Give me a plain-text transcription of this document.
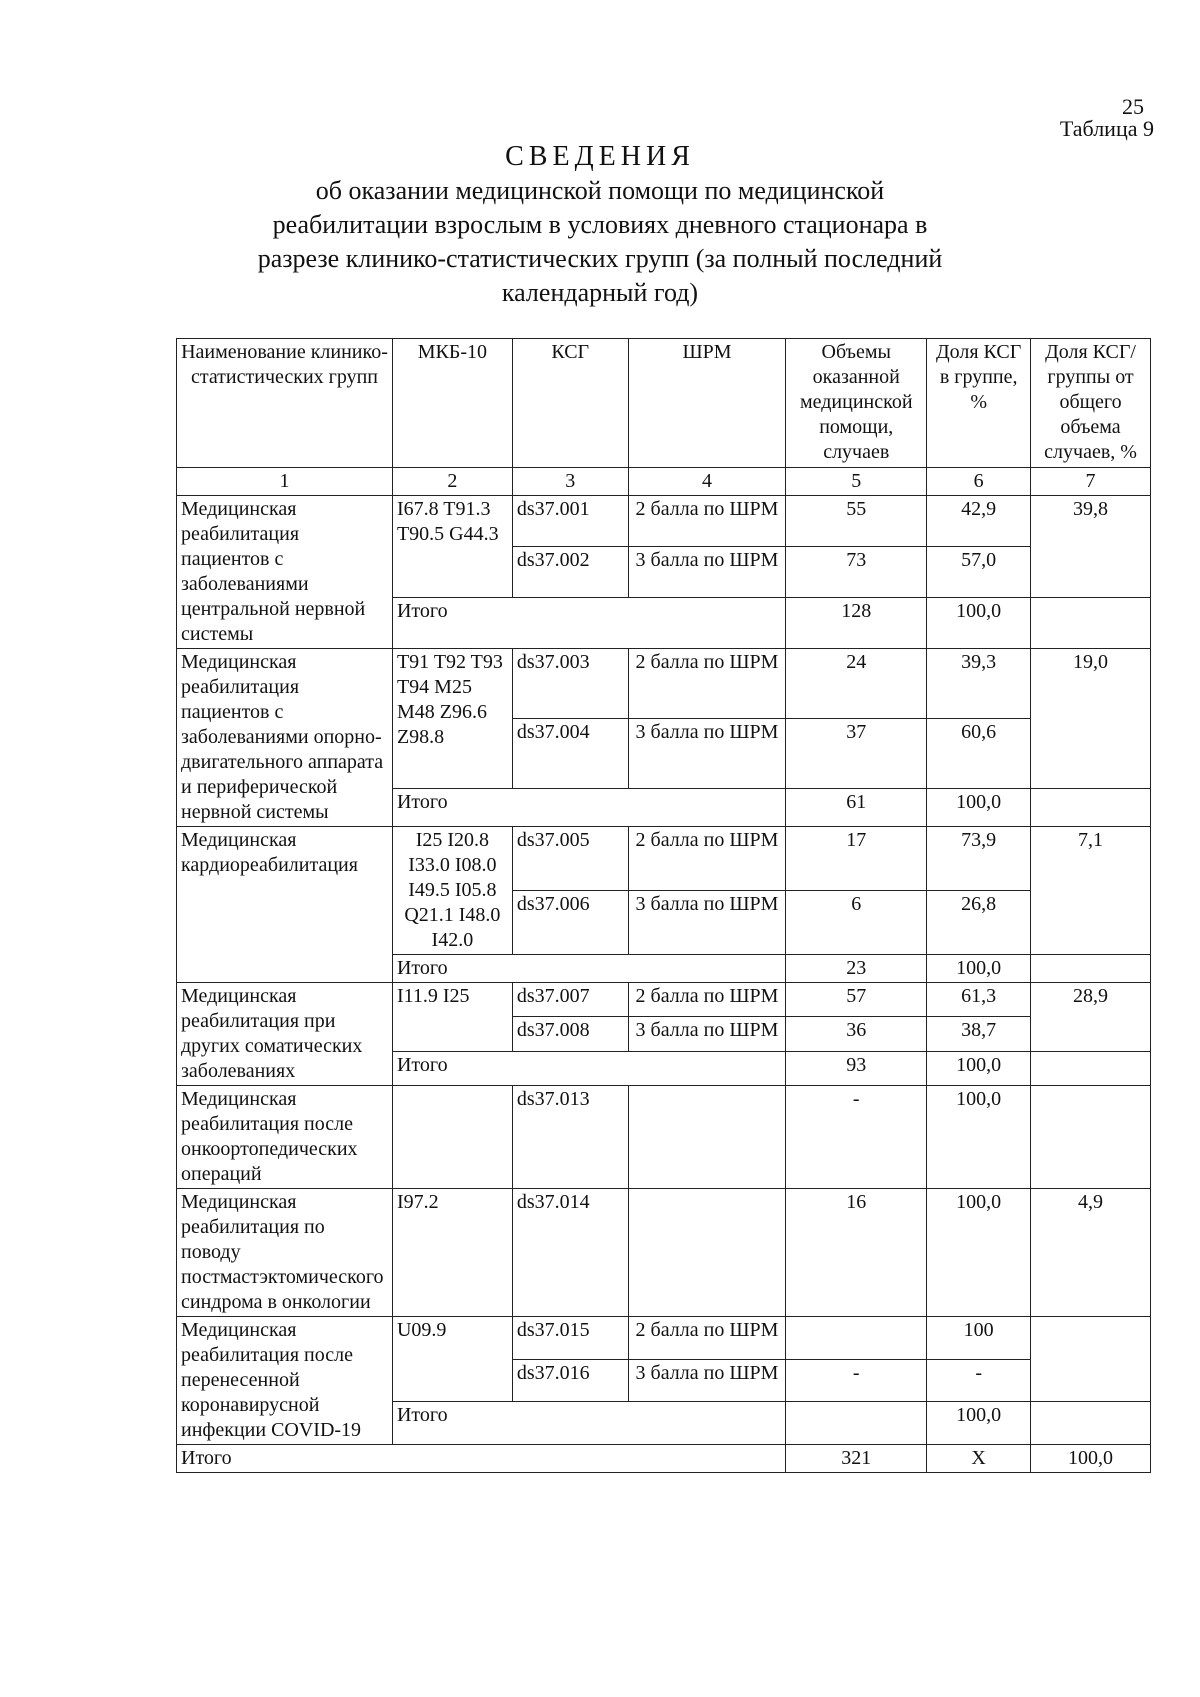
25
Таблица 9
СВЕДЕНИЯ
об оказании медицинской помощи по медицинской реабилитации взрослым в условиях дневного стационара в разрезе клинико-статистических групп (за полный последний календарный год)
Наименование клинико-статистических групп	МКБ-10	КСГ	ШРМ	Объемы оказанной медицинской помощи, случаев	Доля КСГ в группе, %	Доля КСГ/группы от общего объема случаев, %
1	2	3	4	5	6	7
Медицинская реабилитация пациентов с заболеваниями центральной нервной системы	I67.8 T91.3 T90.5 G44.3	ds37.001	2 балла по ШРМ	55	42,9	39,8
		ds37.002	3 балла по ШРМ	73	57,0	
	Итого			128	100,0	
Медицинская реабилитация пациентов с заболеваниями опорно-двигательного аппарата и периферической нервной системы	T91 T92 T93 T94 M25 M48 Z96.6 Z98.8	ds37.003	2 балла по ШРМ	24	39,3	19,0
		ds37.004	3 балла по ШРМ	37	60,6	
	Итого			61	100,0	
Медицинская кардиореабилитация	I25 I20.8 I33.0 I08.0 I49.5 I05.8 Q21.1 I48.0 I42.0	ds37.005	2 балла по ШРМ	17	73,9	7,1
		ds37.006	3 балла по ШРМ	6	26,8	
	Итого			23	100,0	
Медицинская реабилитация при других соматических заболеваниях	I11.9 I25	ds37.007	2 балла по ШРМ	57	61,3	28,9
		ds37.008	3 балла по ШРМ	36	38,7	
	Итого			93	100,0	
Медицинская реабилитация после онкоортопедических операций		ds37.013		-	100,0	
Медицинская реабилитация по поводу постмастэктомического синдрома в онкологии	I97.2	ds37.014		16	100,0	4,9
Медицинская реабилитация после перенесенной коронавирусной инфекции COVID-19	U09.9	ds37.015	2 балла по ШРМ		100	
		ds37.016	3 балла по ШРМ	-	-	
	Итого				100,0	
Итого				321	X	100,0
